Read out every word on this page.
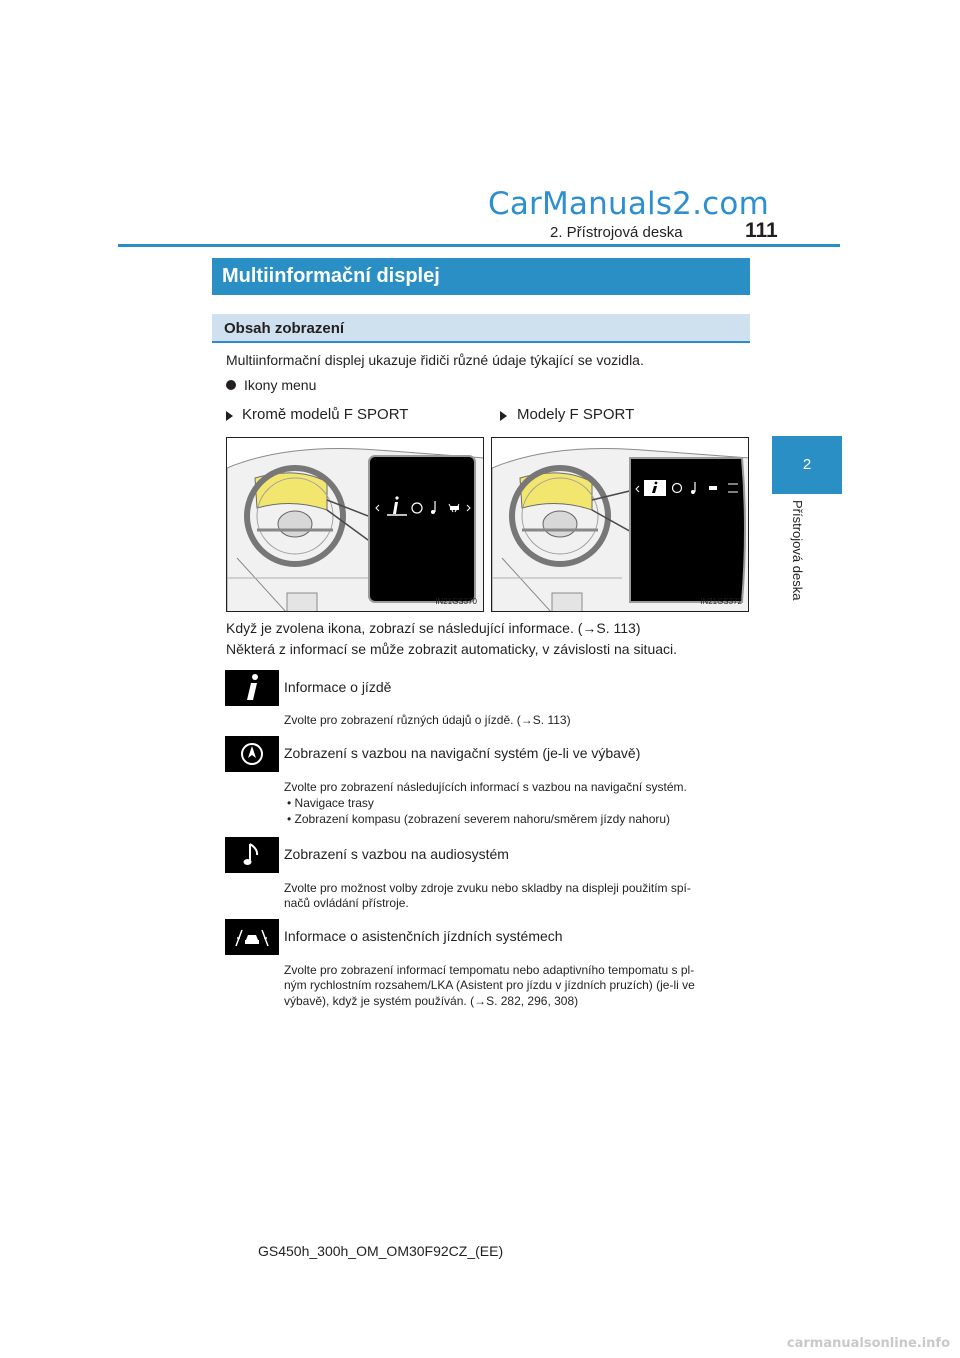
CarManuals2.com
2. Přístrojová deska	111
2
Přístrojová deska
Multiinformační displej
Obsah zobrazení
Multiinformační displej ukazuje řidiči různé údaje týkající se vozidla.
Ikony menu
Kromě modelů F SPORT	Modely F SPORT
IN21GS370	IN21GS372
Když je zvolena ikona, zobrazí se následující informace. (→S. 113)
Některá z informací se může zobrazit automaticky, v závislosti na situaci.
Informace o jízdě
Zvolte pro zobrazení různých údajů o jízdě. (→S. 113)
Zobrazení s vazbou na navigační systém (je-li ve výbavě)
Zvolte pro zobrazení následujících informací s vazbou na navigační systém.
• Navigace trasy
• Zobrazení kompasu (zobrazení severem nahoru/směrem jízdy nahoru)
Zobrazení s vazbou na audiosystém
Zvolte pro možnost volby zdroje zvuku nebo skladby na displeji použitím spí-
načů ovládání přístroje.
Informace o asistenčních jízdních systémech
Zvolte pro zobrazení informací tempomatu nebo adaptivního tempomatu s pl-
ným rychlostním rozsahem/LKA (Asistent pro jízdu v jízdních pruzích) (je-li ve
výbavě), když je systém používán. (→S. 282, 296, 308)
GS450h_300h_OM_OM30F92CZ_(EE)
carmanualsonline.info
